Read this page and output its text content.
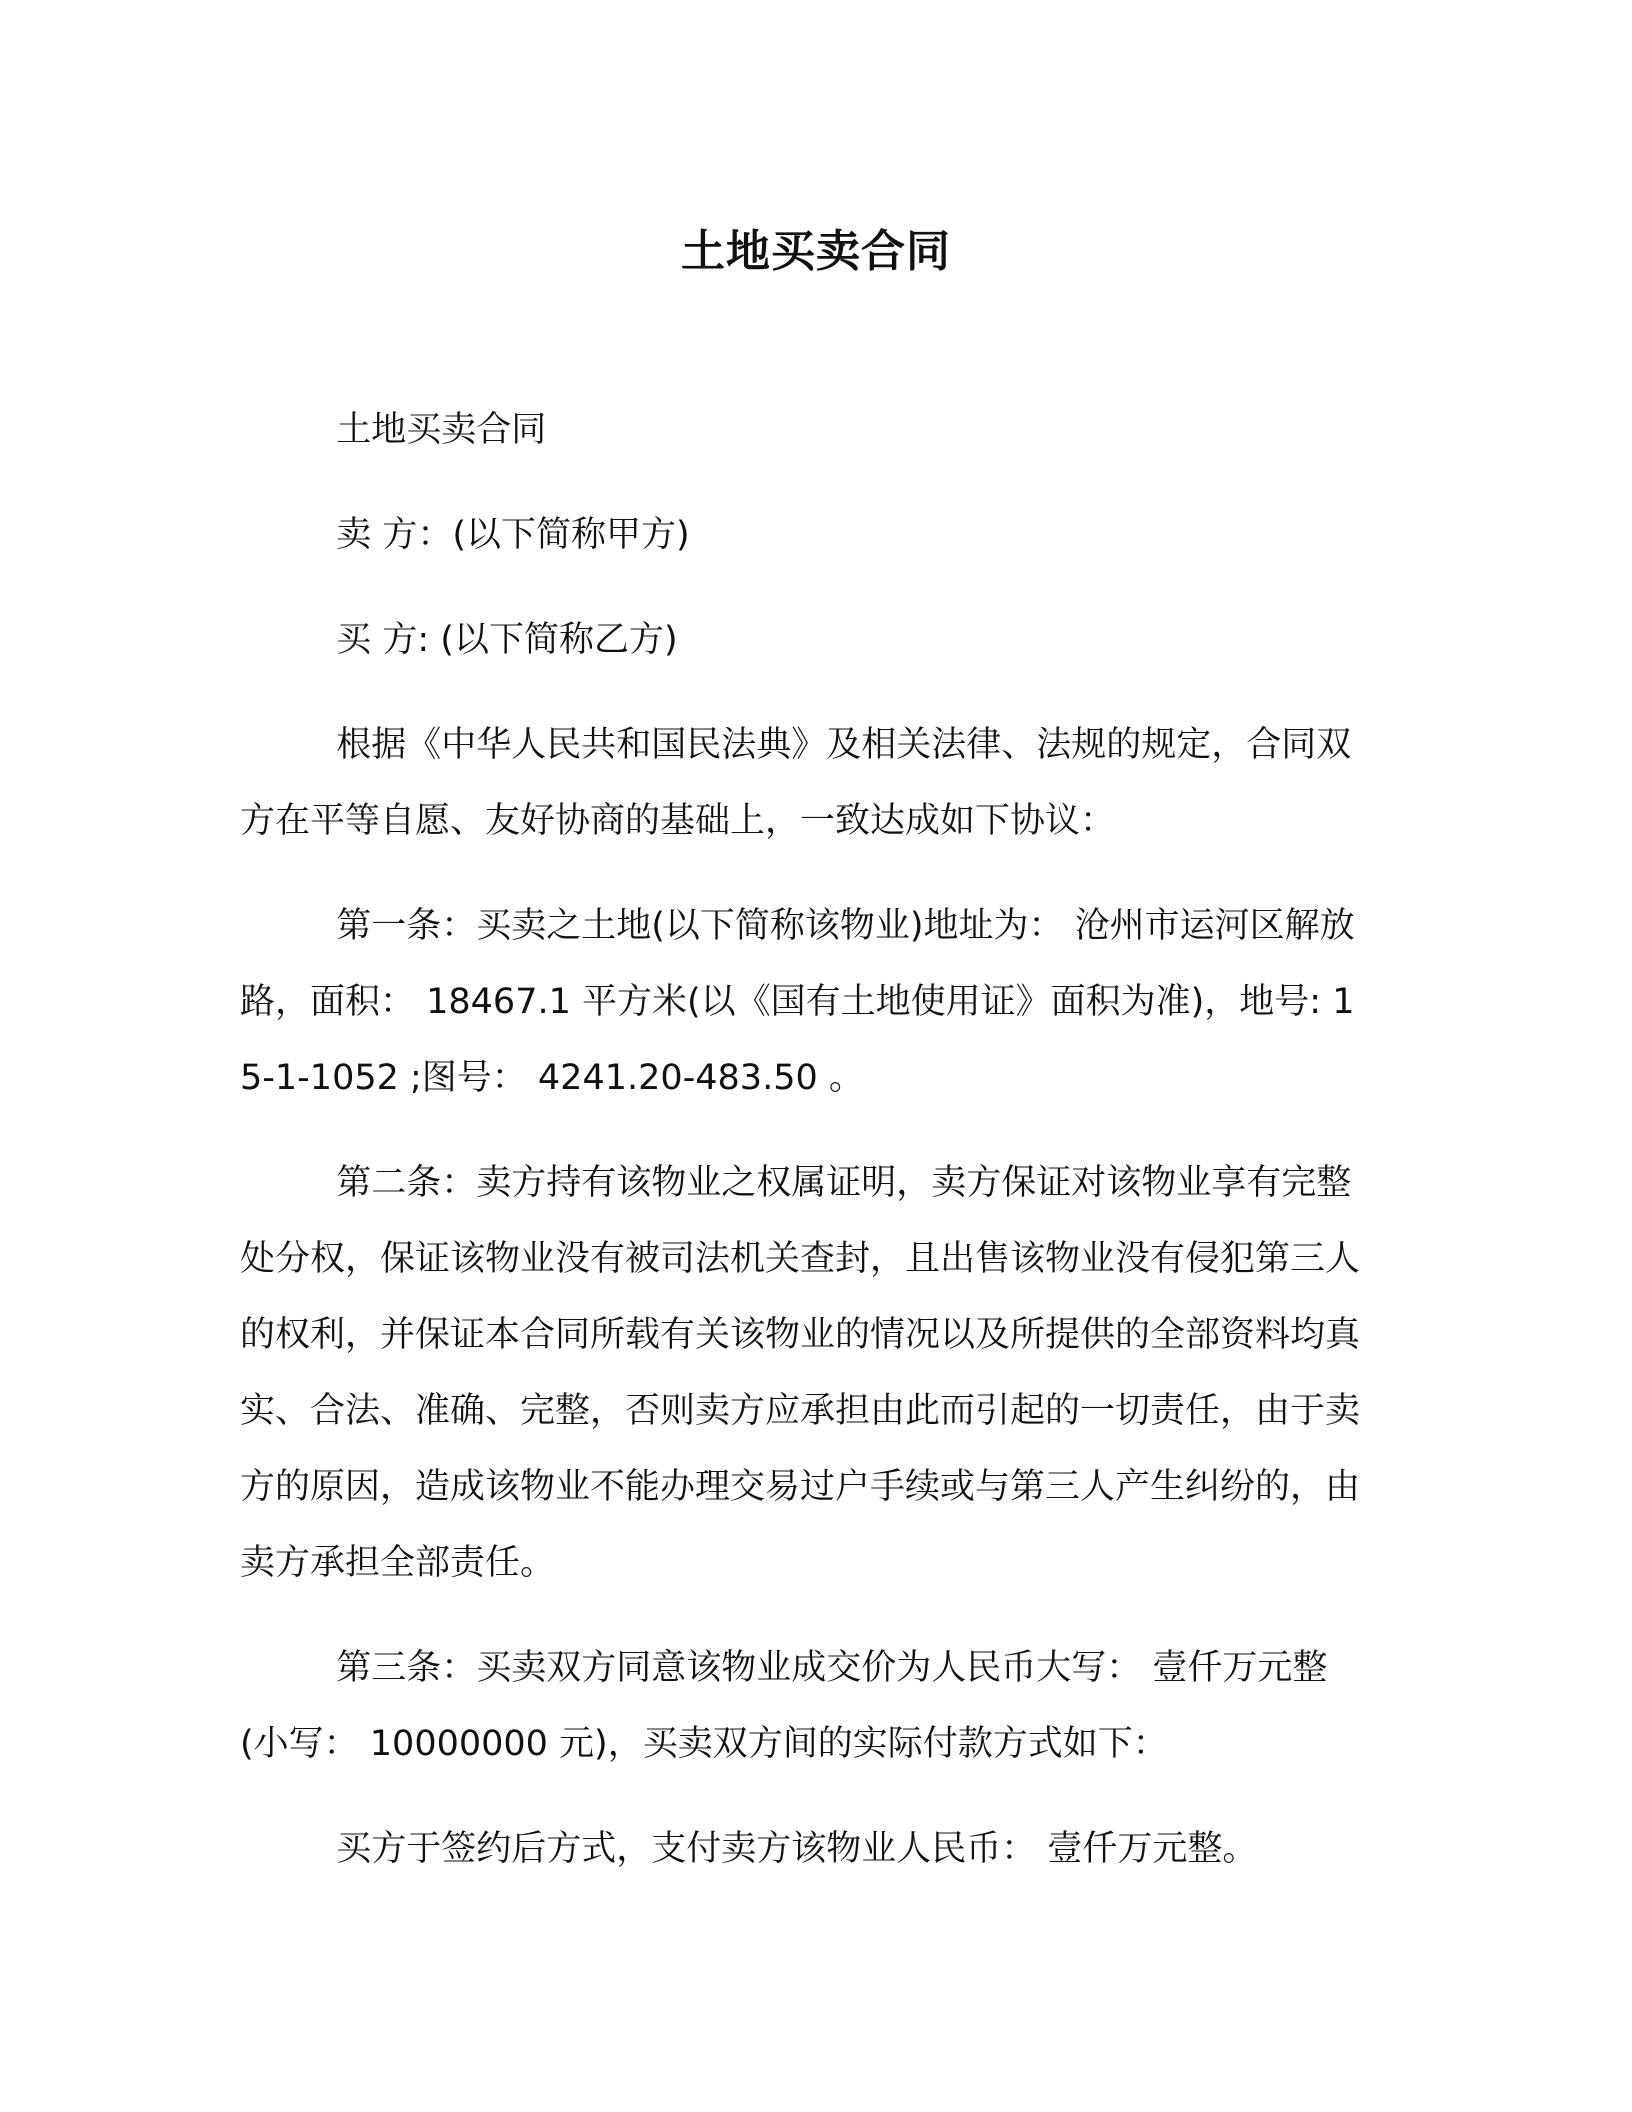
土地买卖合同

土地买卖合同

卖 方：(以下简称甲方)

买 方: (以下简称乙方)

根据《中华人民共和国民法典》及相关法律、法规的规定，合同双方在平等自愿、友好协商的基础上，一致达成如下协议：

第一条：买卖之土地(以下简称该物业)地址为： 沧州市运河区解放路，面积： 18467.1 平方米(以《国有土地使用证》面积为准)，地号: 15-1-1052 ;图号： 4241.20-483.50 。

第二条：卖方持有该物业之权属证明，卖方保证对该物业享有完整处分权，保证该物业没有被司法机关查封，且出售该物业没有侵犯第三人的权利，并保证本合同所载有关该物业的情况以及所提供的全部资料均真实、合法、准确、完整，否则卖方应承担由此而引起的一切责任，由于卖方的原因，造成该物业不能办理交易过户手续或与第三人产生纠纷的，由卖方承担全部责任。

第三条：买卖双方同意该物业成交价为人民币大写： 壹仟万元整(小写： 10000000 元)，买卖双方间的实际付款方式如下：

买方于签约后方式，支付卖方该物业人民币： 壹仟万元整。
